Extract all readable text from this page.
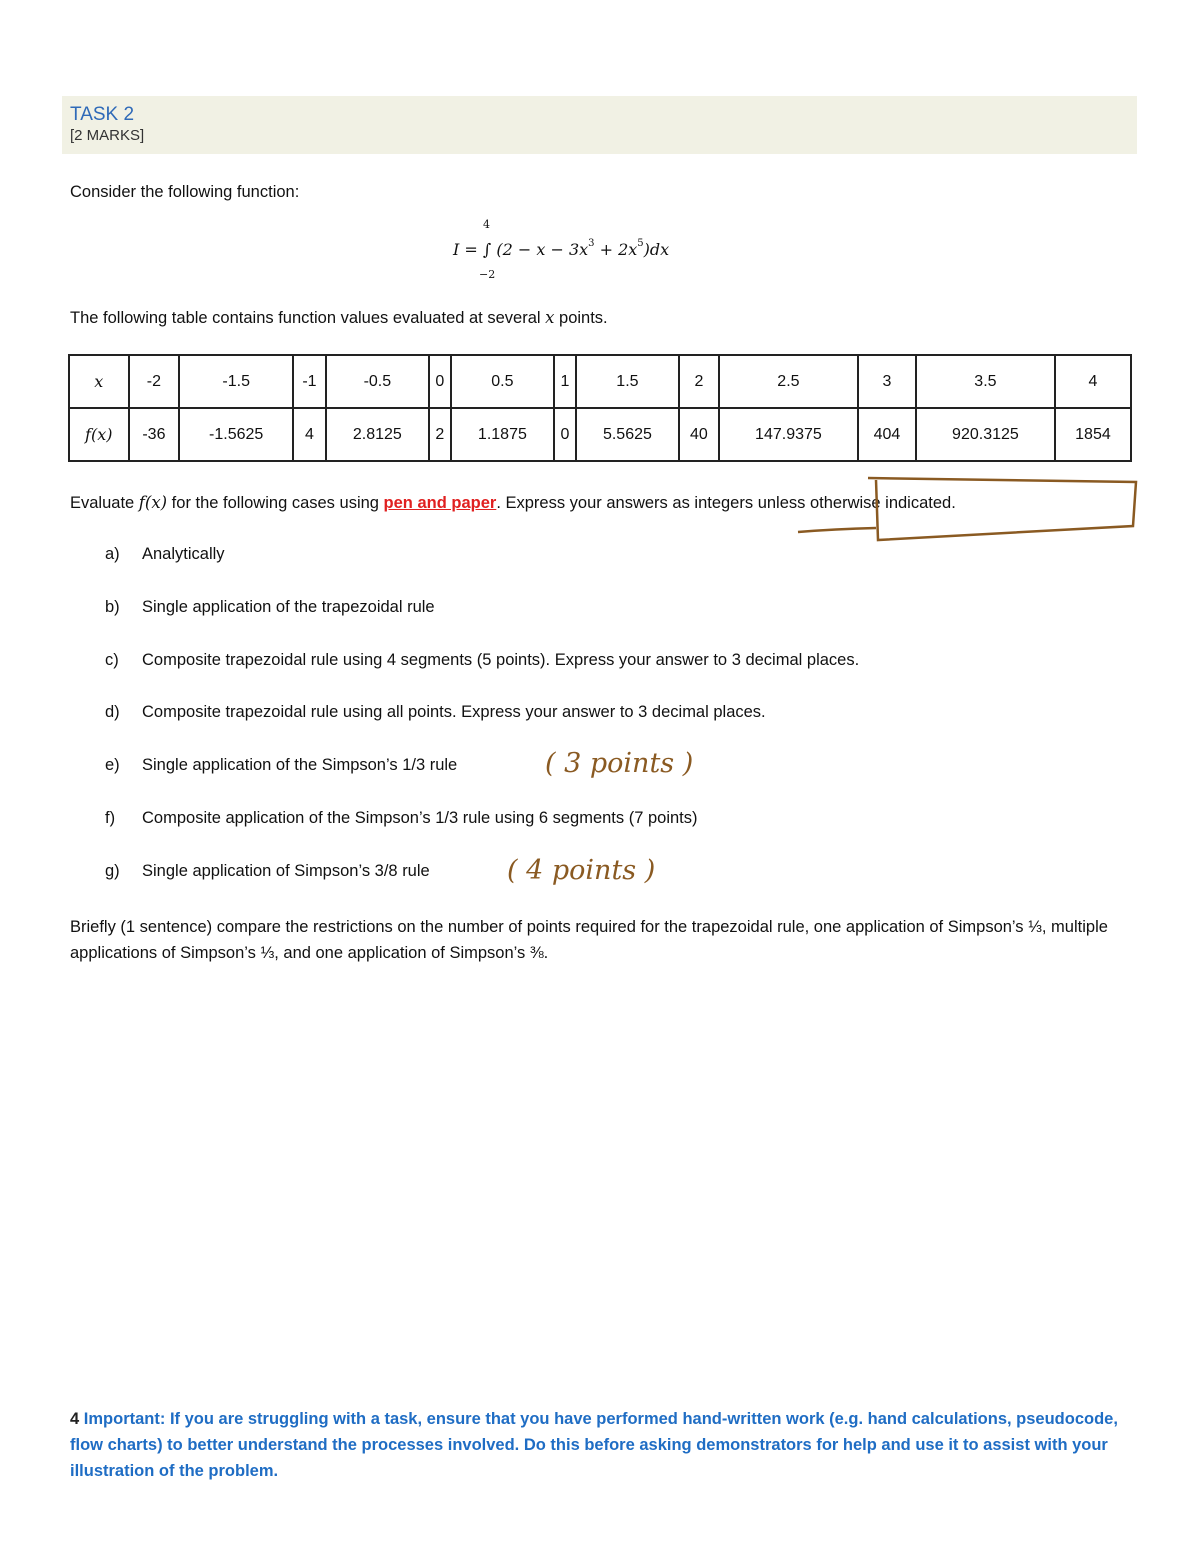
TASK 2
[2 MARKS]
Consider the following function:
4
I = ∫ $(2 - x - 3x^3 + 2x^5)dx$
−2
The following table contains function values evaluated at several x points.
x	-2	-1.5	-1	-0.5	0	0.5	1	1.5	2	2.5	3	3.5	4
f(x)	-36	-1.5625	4	2.8125	2	1.1875	0	5.5625	40	147.9375	404	920.3125	1854
Evaluate f(x) for the following cases using pen and paper. Express your answers as integers unless otherwise indicated.
a) Analytically
b) Single application of the trapezoidal rule
c) Composite trapezoidal rule using 4 segments (5 points). Express your answer to 3 decimal places.
d) Composite trapezoidal rule using all points. Express your answer to 3 decimal places.
e) Single application of the Simpson’s 1/3 rule
f) Composite application of the Simpson’s 1/3 rule using 6 segments (7 points)
g) Single application of Simpson’s 3/8 rule
( 3 points )
( 4 points )
Briefly (1 sentence) compare the restrictions on the number of points required for the trapezoidal rule, one application of Simpson’s ⅓, multiple applications of Simpson’s ⅓, and one application of Simpson’s ⅜.
4 Important: If you are struggling with a task, ensure that you have performed hand-written work (e.g. hand calculations, pseudocode, flow charts) to better understand the processes involved. Do this before asking demonstrators for help and use it to assist with your illustration of the problem.
